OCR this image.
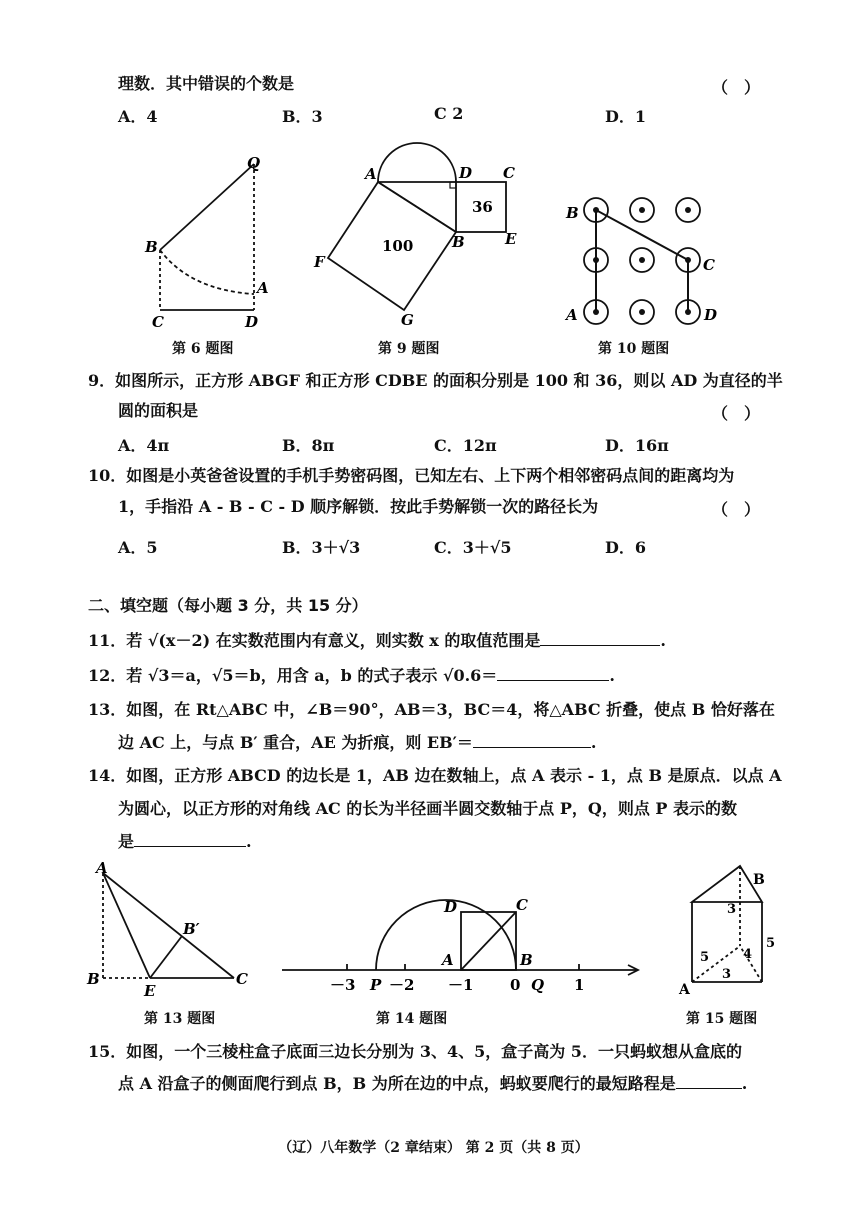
理数．其中错误的个数是	（　）
A．4	B．3	C 2	D．1
Q
B
A
C	D
A	D C
B	E
F
G
36
100
B
C
A	D
第 6 题图	第 9 题图	第 10 题图
9．如图所示，正方形 ABGF 和正方形 CDBE 的面积分别是 100 和 36，则以 AD 为直径的半
圆的面积是	（　）
A．4π	B．8π	C．12π	D．16π
10．如图是小英爸爸设置的手机手势密码图，已知左右、上下两个相邻密码点间的距离均为
1，手指沿 A - B - C - D 顺序解锁．按此手势解锁一次的路径长为	（　）
A．5	B．3＋√3	C．3＋√5	D．6
二、填空题（每小题 3 分，共 15 分）
11．若 √(x－2) 在实数范围内有意义，则实数 x 的取值范围是	.
12．若 √3＝a，√5＝b，用含 a，b 的式子表示 √0.6＝	.
13．如图，在 Rt△ABC 中，∠B＝90°，AB＝3，BC＝4，将△ABC 折叠，使点 B 恰好落在
边 AC 上，与点 B′ 重合，AE 为折痕，则 EB′＝	.
14．如图，正方形 ABCD 的边长是 1，AB 边在数轴上，点 A 表示 - 1，点 B 是原点．以点 A
为圆心，以正方形的对角线 AC 的长为半径画半圆交数轴于点 P，Q，则点 P 表示的数
是	.
A
B′
B
E
C
D	C
A	B
P	Q
－3 －2 －1 0	1
B
A
3
5
5	4
3
第 13 题图	第 14 题图	第 15 题图
15．如图，一个三棱柱盒子底面三边长分别为 3、4、5，盒子高为 5．一只蚂蚁想从盒底的
点 A 沿盒子的侧面爬行到点 B，B 为所在边的中点，蚂蚁要爬行的最短路程是	.
（辽）八年数学（2 章结束） 第 2 页（共 8 页）
